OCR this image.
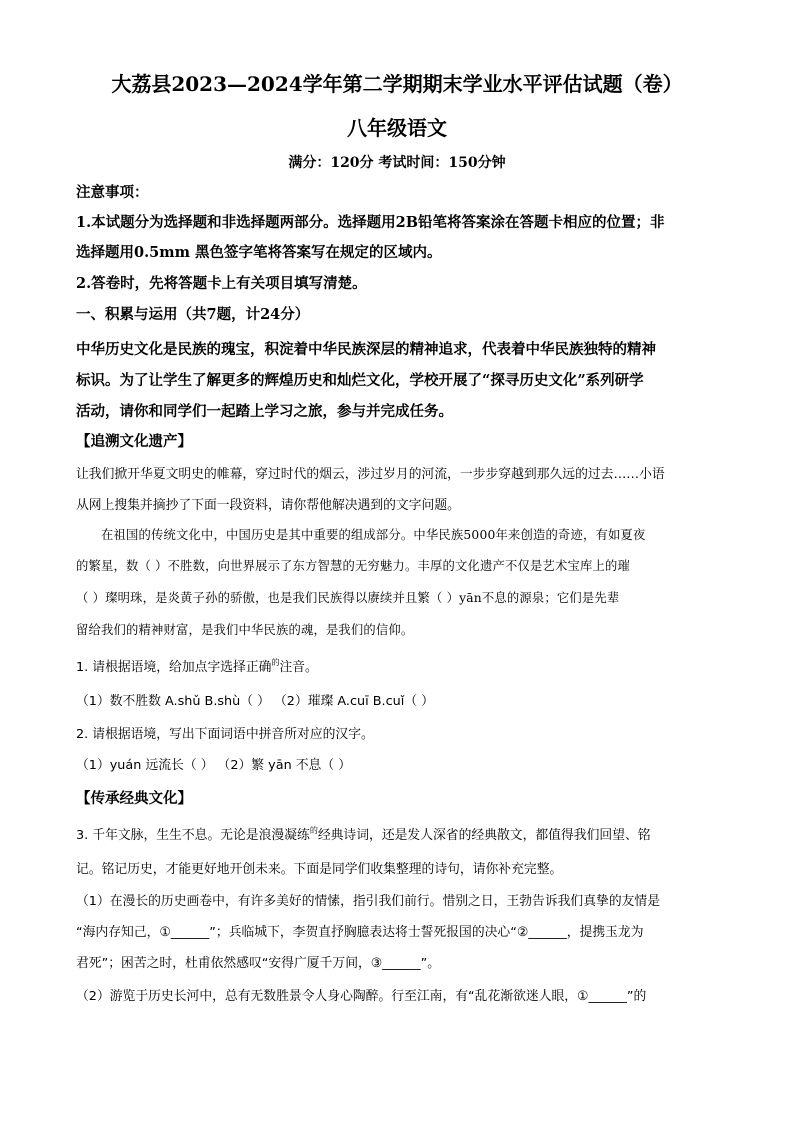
大荔县2023—2024学年第二学期期末学业水平评估试题（卷）
八年级语文
满分：120分 考试时间：150分钟
注意事项：
1.本试题分为选择题和非选择题两部分。选择题用2B铅笔将答案涂在答题卡相应的位置；非
选择题用0.5mm 黑色签字笔将答案写在规定的区域内。
2.答卷时，先将答题卡上有关项目填写清楚。
一、积累与运用（共7题，计24分）
中华历史文化是民族的瑰宝，积淀着中华民族深层的精神追求，代表着中华民族独特的精神
标识。为了让学生了解更多的辉煌历史和灿烂文化，学校开展了“探寻历史文化”系列研学
活动，请你和同学们一起踏上学习之旅，参与并完成任务。
【追溯文化遗产】
让我们掀开华夏文明史的帷幕，穿过时代的烟云，涉过岁月的河流，一步步穿越到那久远的过去……小语
从网上搜集并摘抄了下面一段资料，请你帮他解决遇到的文字问题。
在祖国的传统文化中，中国历史是其中重要的组成部分。中华民族5000年来创造的奇迹，有如夏夜
的繁星，数（ ）不胜数，向世界展示了东方智慧的无穷魅力。丰厚的文化遗产不仅是艺术宝库上的璀
（ ）璨明珠，是炎黄子孙的骄傲，也是我们民族得以赓续并且繁（ ）yān不息的源泉；它们是先辈
留给我们的精神财富，是我们中华民族的魂，是我们的信仰。
1. 请根据语境，给加点字选择正确$^的$注音。
（1）数不胜数 A.shǔ B.shù（ ） （2）璀璨 A.cuī B.cuǐ（ ）
2. 请根据语境，写出下面词语中拼音所对应的汉字。
（1）yuán 远流长（ ） （2）繁 yān 不息（ ）
【传承经典文化】
3. 千年文脉，生生不息。无论是浪漫凝练$^的$经典诗词，还是发人深省的经典散文，都值得我们回望、铭
记。铭记历史，才能更好地开创未来。下面是同学们收集整理的诗句，请你补充完整。
（1）在漫长的历史画卷中，有许多美好的情愫，指引我们前行。惜别之日，王勃告诉我们真挚的友情是
“海内存知己，①______”；兵临城下，李贺直抒胸臆表达将士誓死报国的决心“②______，提携玉龙为
君死”；困苦之时，杜甫依然感叹“安得广厦千万间，③______”。
（2）游览于历史长河中，总有无数胜景令人身心陶醉。行至江南，有“乱花渐欲迷人眼，①______”的
